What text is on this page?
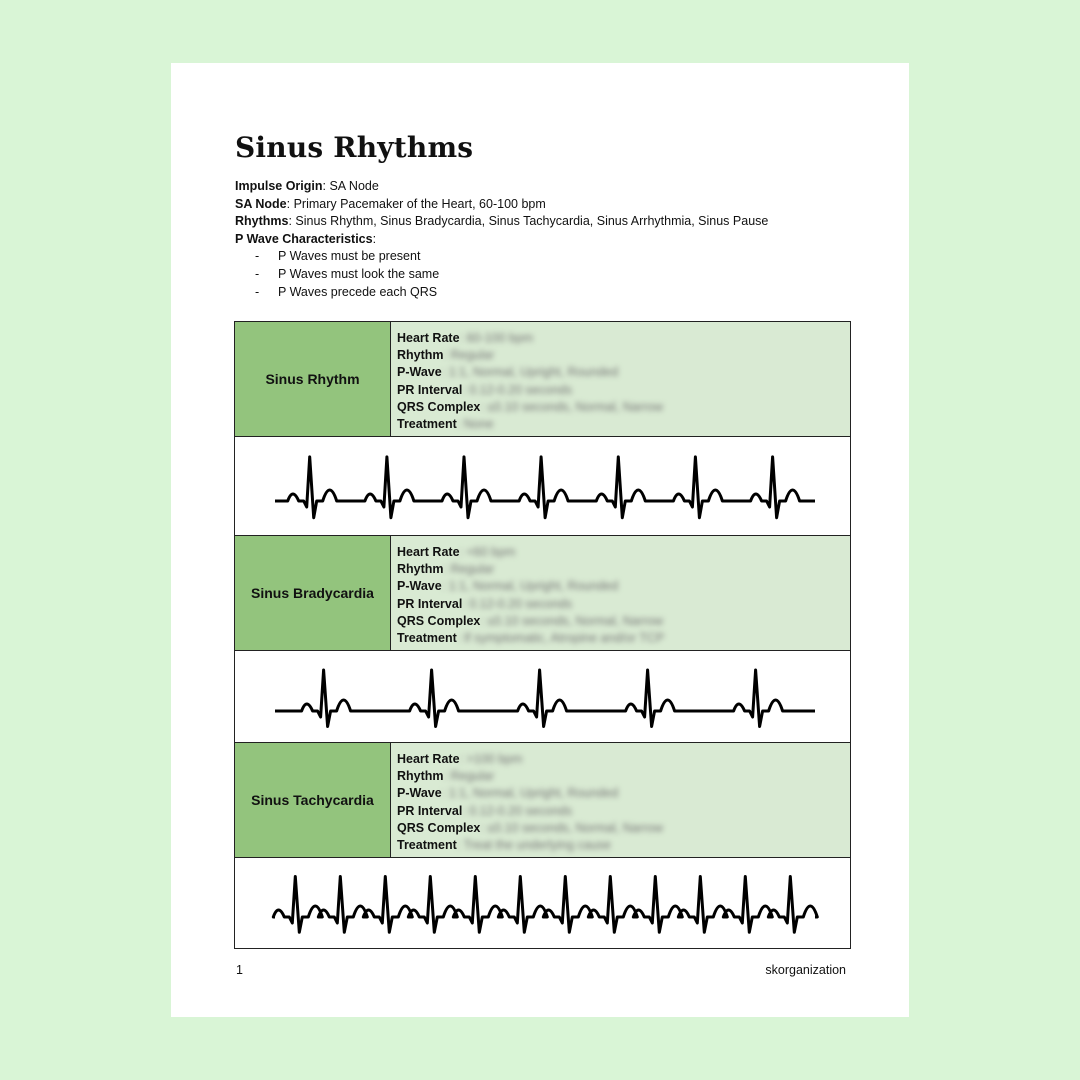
Sinus Rhythms
Impulse Origin: SA Node
SA Node: Primary Pacemaker of the Heart, 60-100 bpm
Rhythms: Sinus Rhythm, Sinus Bradycardia, Sinus Tachycardia, Sinus Arrhythmia, Sinus Pause
P Wave Characteristics:
- P Waves must be present
- P Waves must look the same
- P Waves precede each QRS
Sinus Rhythm
Heart Rate: 60-100 bpm
Rhythm: Regular
P-Wave: 1:1, Normal, Upright, Rounded
PR Interval: 0.12-0.20 seconds
QRS Complex: ≤0.10 seconds, Normal, Narrow
Treatment: None
Sinus Bradycardia
Heart Rate: <60 bpm
Rhythm: Regular
P-Wave: 1:1, Normal, Upright, Rounded
PR Interval: 0.12-0.20 seconds
QRS Complex: ≤0.10 seconds, Normal, Narrow
Treatment: If symptomatic, Atropine and/or TCP
Sinus Tachycardia
Heart Rate: >100 bpm
Rhythm: Regular
P-Wave: 1:1, Normal, Upright, Rounded
PR Interval: 0.12-0.20 seconds
QRS Complex: ≤0.10 seconds, Normal, Narrow
Treatment: Treat the underlying cause
1	skorganization
